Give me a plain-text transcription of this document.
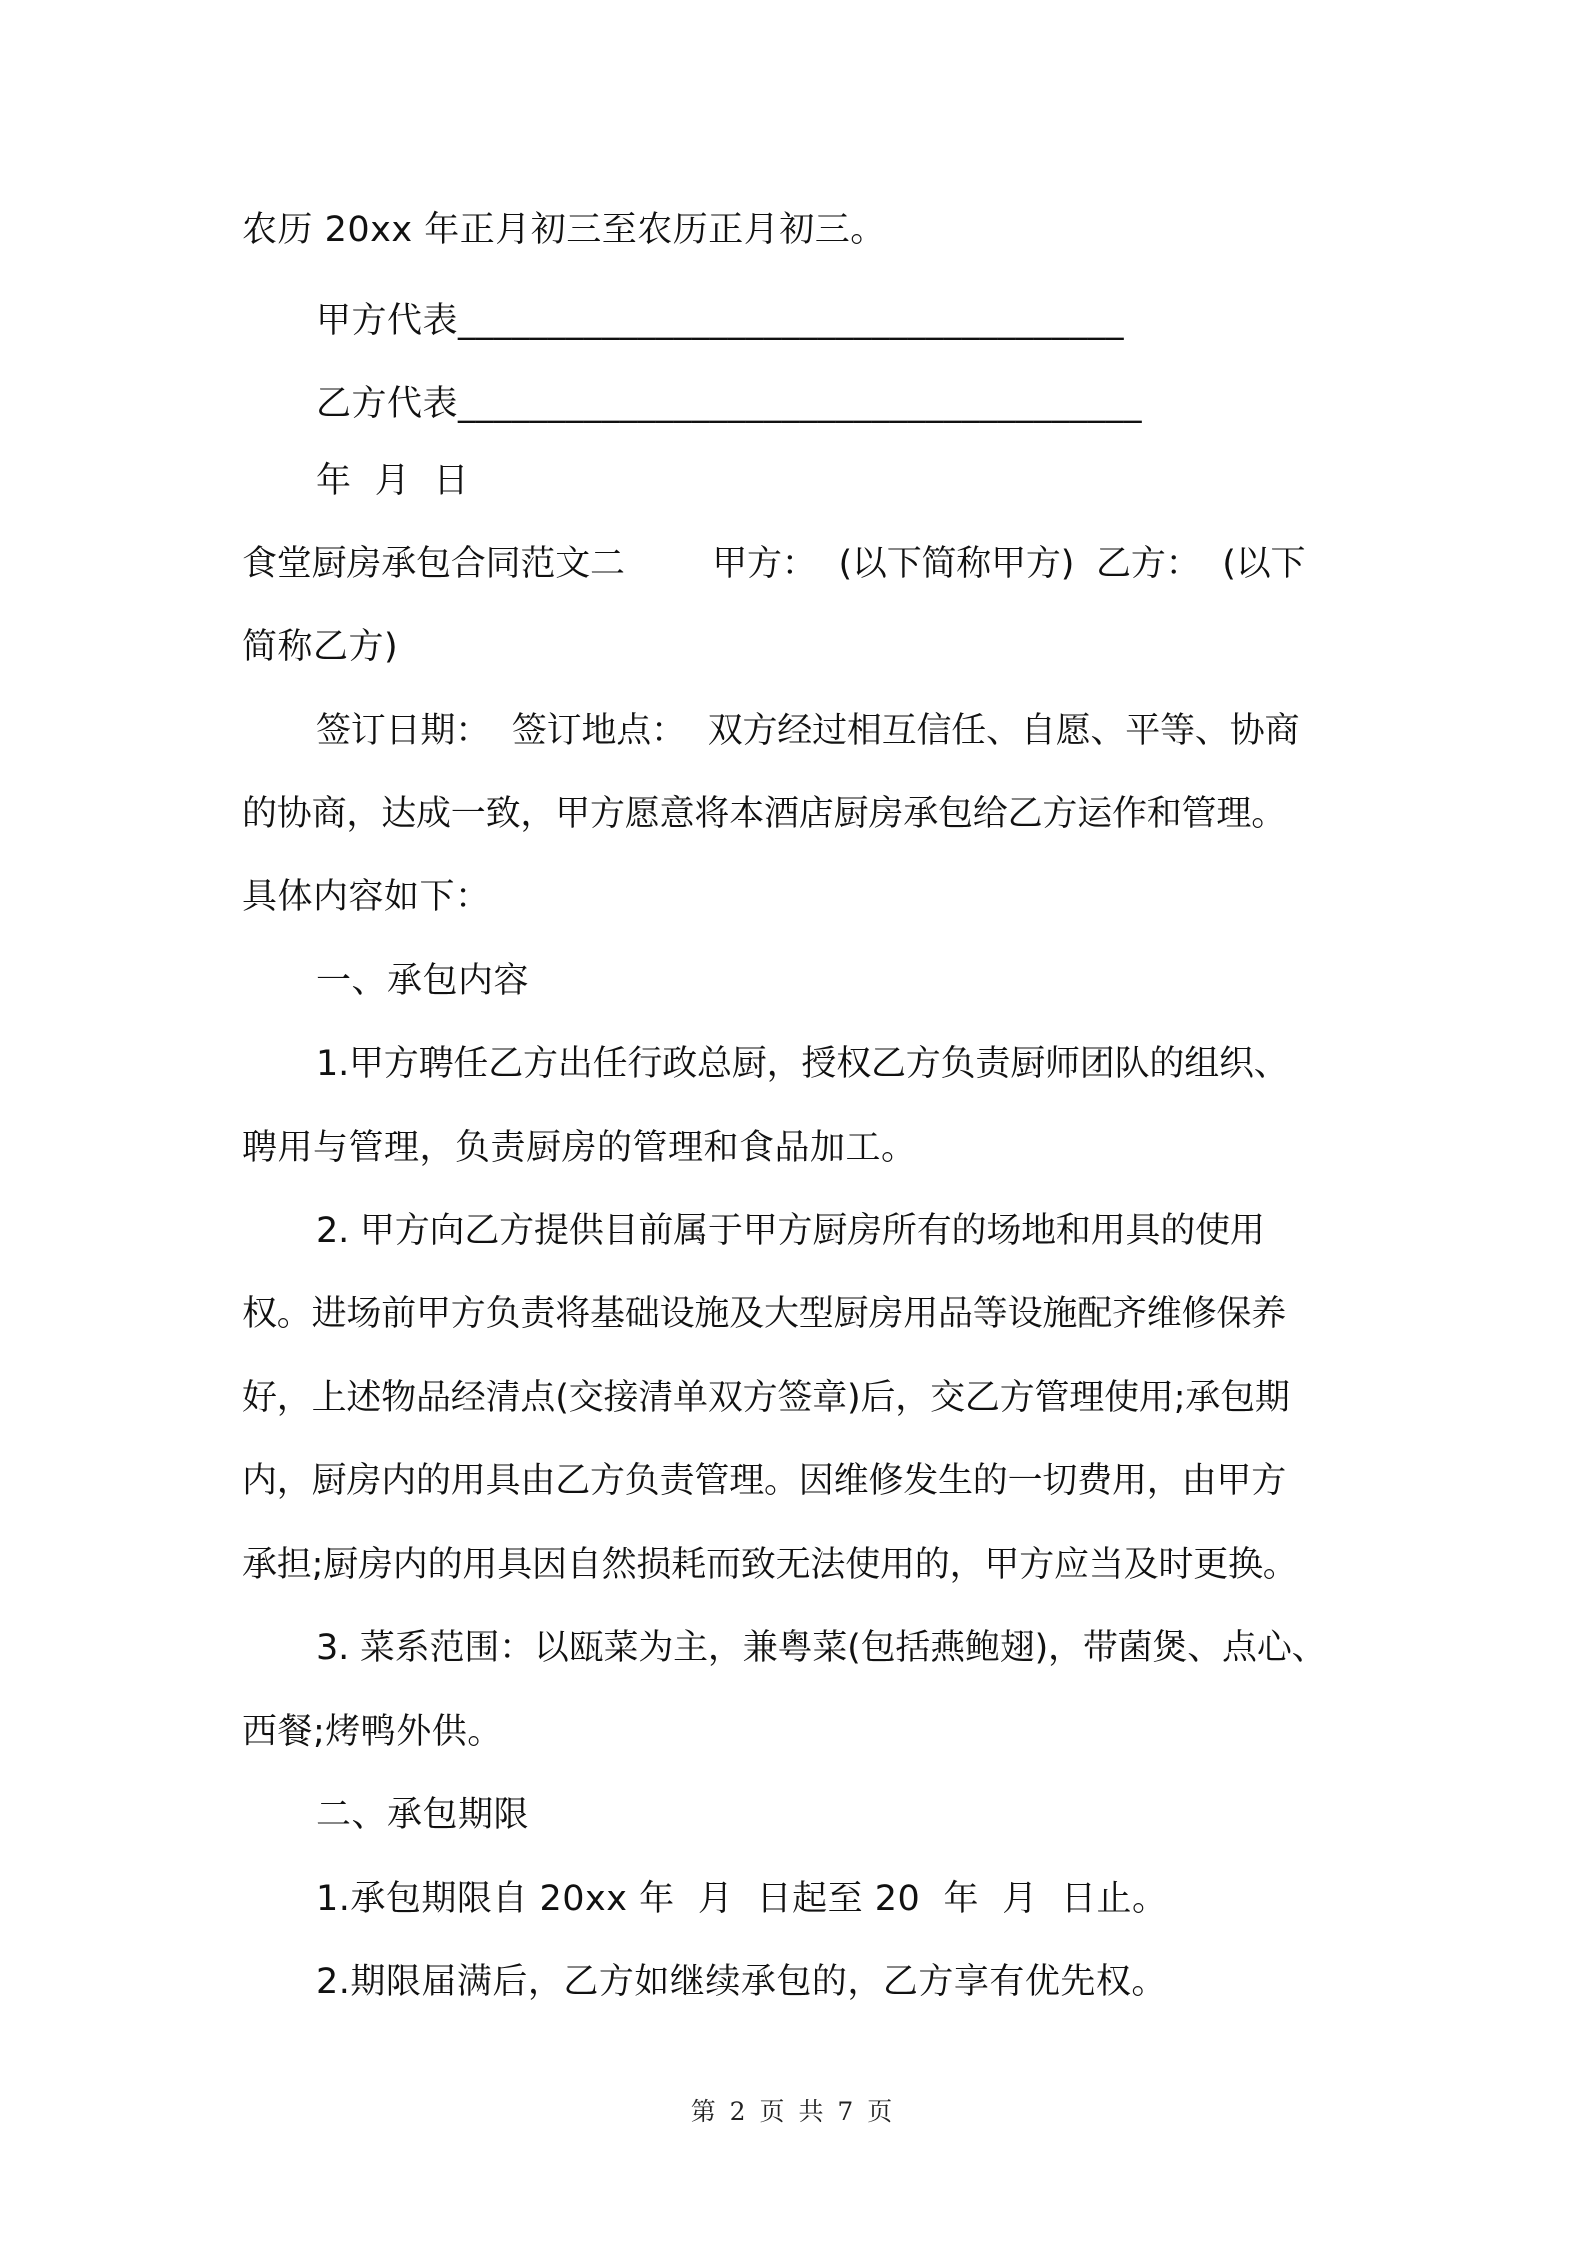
农历 20xx 年正月初三至农历正月初三。
甲方代表_____________________________________
乙方代表______________________________________
年  月  日
食堂厨房承包合同范文二        甲方：  (以下简称甲方)  乙方：  (以下
简称乙方)
签订日期：  签订地点：  双方经过相互信任、自愿、平等、协商
的协商，达成一致，甲方愿意将本酒店厨房承包给乙方运作和管理。
具体内容如下：
一、承包内容
1.甲方聘任乙方出任行政总厨，授权乙方负责厨师团队的组织、
聘用与管理，负责厨房的管理和食品加工。
2. 甲方向乙方提供目前属于甲方厨房所有的场地和用具的使用
权。进场前甲方负责将基础设施及大型厨房用品等设施配齐维修保养
好，上述物品经清点(交接清单双方签章)后，交乙方管理使用;承包期
内，厨房内的用具由乙方负责管理。因维修发生的一切费用，由甲方
承担;厨房内的用具因自然损耗而致无法使用的，甲方应当及时更换。
3. 菜系范围：以瓯菜为主，兼粤菜(包括燕鲍翅)，带菌煲、点心、
西餐;烤鸭外供。
二、承包期限
1.承包期限自 20xx 年  月  日起至 20  年  月  日止。
2.期限届满后，乙方如继续承包的，乙方享有优先权。
第 2 页 共 7 页
